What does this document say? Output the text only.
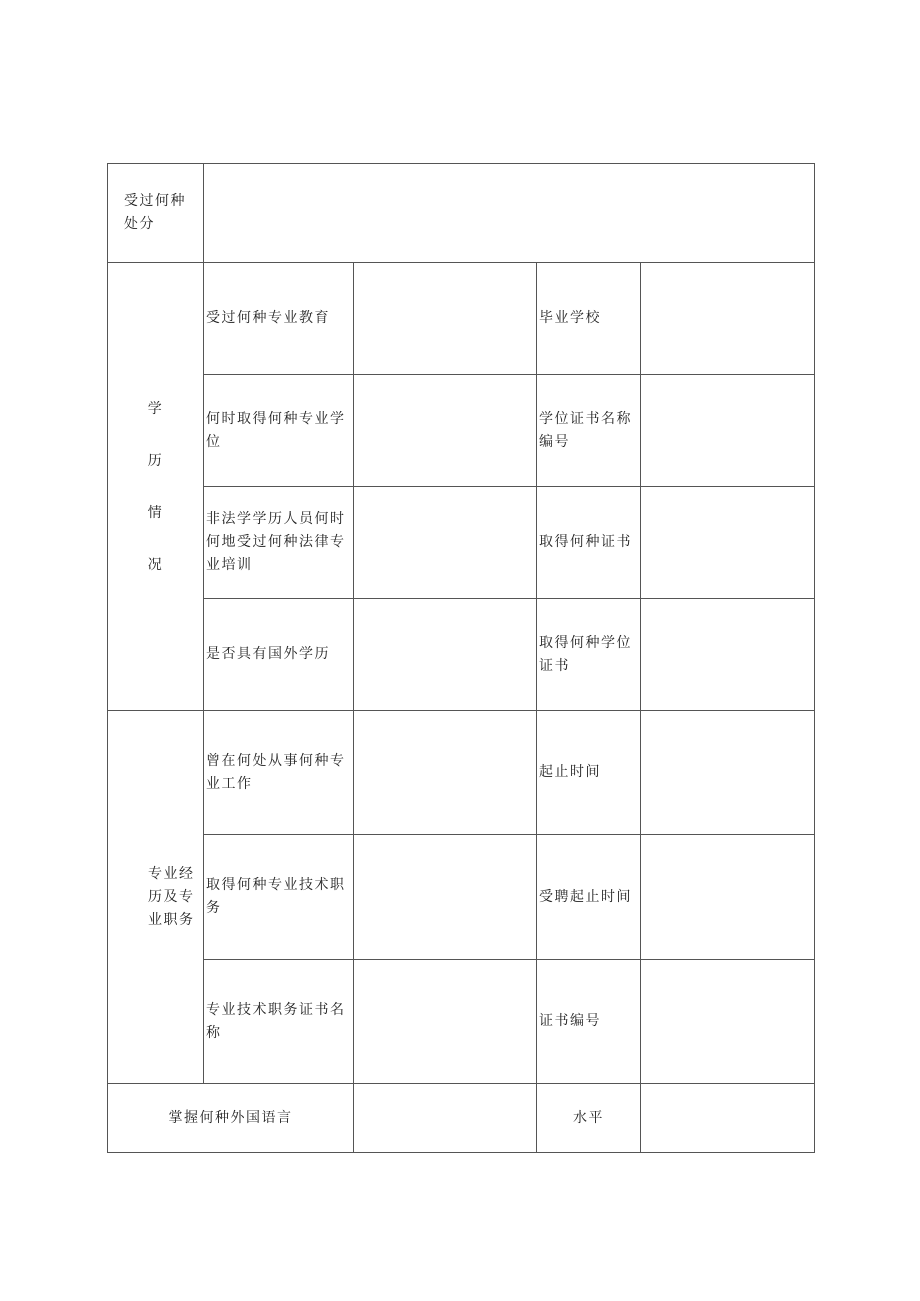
受过何种处分				

学
历
情
况	受过何种专业教育		毕业学校	
	何时取得何种专业学位		学位证书名称编号	
	非法学学历人员何时何地受过何种法律专业培训		取得何种证书	
	是否具有国外学历		取得何种学位证书	
专业经历及专业职务	曾在何处从事何种专业工作		起止时间	
	取得何种专业技术职务		受聘起止时间	
	专业技术职务证书名称		证书编号	
掌握何种外国语言			水平	
